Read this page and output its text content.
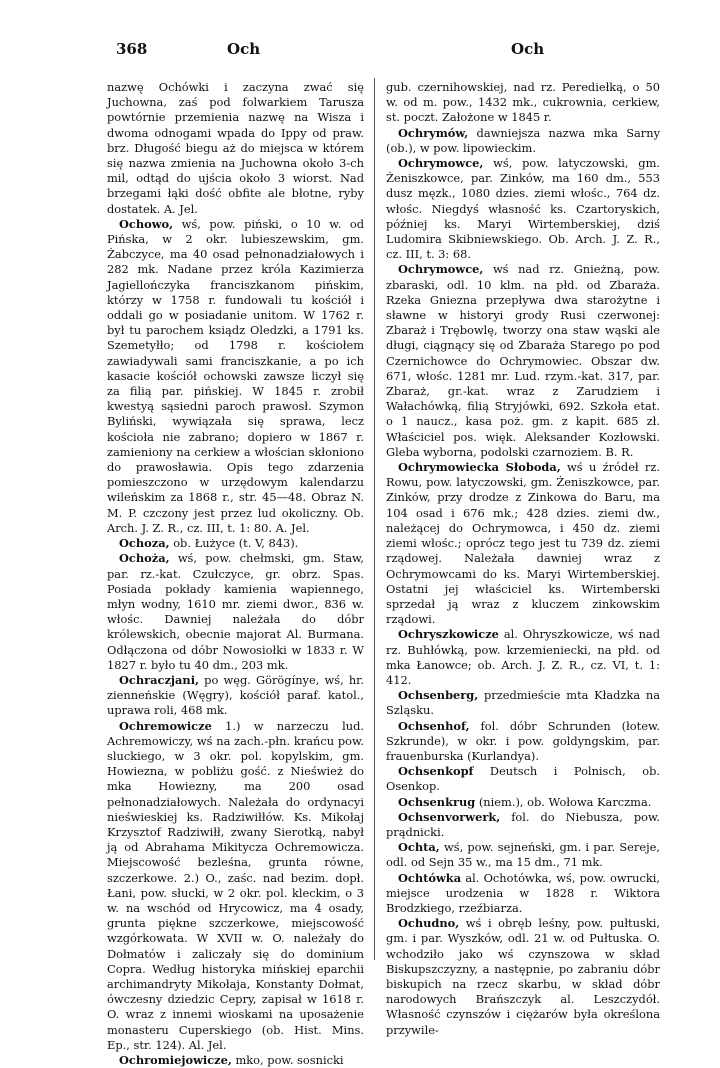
368	Och	Och

nazwę Ochówki i zaczyna zwać się Juchowna, zaś pod folwarkiem Tarusza powtórnie przemienia nazwę na Wisza i dwoma odnogami wpada do Ippy od praw. brz. Długość biegu aż do miejsca w którem się nazwa zmienia na Juchowna około 3-ch mil, odtąd do ujścia około 3 wiorst. Nad brzegami łąki dość obfite ale błotne, ryby dostatek. A. Jel.

Ochowo, wś, pow. piński, o 10 w. od Pińska, w 2 okr. lubieszewskim, gm. Żabczyce, ma 40 osad pełnonadziałowych i 282 mk. Nadane przez króla Kazimierza Jagiellończyka franciszkanom pińskim, którzy w 1758 r. fundowali tu kościół i oddali go w posiadanie unitom. W 1762 r. był tu parochem ksiądz Oledzki, a 1791 ks. Szemetyłło; od 1798 r. kościołem zawiadywali sami franciszkanie, a po ich kasacie kościół ochowski zawsze liczył się za filią par. pińskiej. W 1845 r. zrobił kwestyą sąsiedni paroch prawosł. Szymon Byliński, wywiązała się sprawa, lecz kościoła nie zabrano; dopiero w 1867 r. zamieniony na cerkiew a włościan skłoniono do prawosławia. Opis tego zdarzenia pomieszczono w urzędowym kalendarzu wileńskim za 1868 r., str. 45—48. Obraz N. M. P. czczony jest przez lud okoliczny. Ob. Arch. J. Z. R., cz. III, t. 1: 80. A. Jel.

Ochoza, ob. Łużyce (t. V, 843).

Ochoża, wś, pow. chełmski, gm. Staw, par. rz.-kat. Czułczyce, gr. obrz. Spas. Posiada pokłady kamienia wapiennego, młyn wodny, 1610 mr. ziemi dwor., 836 w. włośc. Dawniej należała do dóbr królewskich, obecnie majorat Al. Burmana. Odłączona od dóbr Nowosiołki w 1833 r. W 1827 r. było tu 40 dm., 203 mk.

Ochraczjani, po węg. Görögínye, wś, hr. zienneńskie (Węgry), kościół paraf. katol., uprawa roli, 468 mk.

Ochremowicze 1.) w narzeczu lud. Achremowiczy, wś na zach.-płn. krańcu pow. sluckiego, w 3 okr. pol. kopylskim, gm. Howiezna, w pobliżu gość. z Nieśwież do mka Howiezny, ma 200 osad pełnonadziałowych. Należała do ordynacyi nieświeskiej ks. Radziwiłłów. Ks. Mikołaj Krzysztof Radziwiłł, zwany Sierotką, nabył ją od Abrahama Mikitycza Ochremowicza. Miejscowość bezleśna, grunta równe, szczerkowe. 2.) O., zaśc. nad bezim. dopł. Łani, pow. słucki, w 2 okr. pol. kleckim, o 3 w. na wschód od Hrycowicz, ma 4 osady, grunta piękne szczerkowe, miejscowość wzgórkowata. W XVII w. O. należały do Dołmatów i zaliczały się do dominium Copra. Według historyka mińskiej eparchii archimandryty Mikołaja, Konstanty Dołmat, ówczesny dziedzic Cepry, zapisał w 1618 r. O. wraz z innemi wioskami na uposażenie monasteru Cuperskiego (ob. Hist. Mins. Ep., str. 124). Al. Jel.

Ochromiejowicze, mko, pow. sosnicki

gub. czernihowskiej, nad rz. Perediełką, o 50 w. od m. pow., 1432 mk., cukrownia, cerkiew, st. poczt. Założone w 1845 r.

Ochrymów, dawniejsza nazwa mka Sarny (ob.), w pow. lipowieckim.

Ochrymowce, wś, pow. latyczowski, gm. Żeniszkowce, par. Zinków, ma 160 dm., 553 dusz męzk., 1080 dzies. ziemi włośc., 764 dz. włośc. Niegdyś własność ks. Czartoryskich, później ks. Maryi Wirtemberskiej, dziś Ludomira Skibniewskiego. Ob. Arch. J. Z. R., cz. III, t. 3: 68.

Ochrymowce, wś nad rz. Gnieżną, pow. zbaraski, odl. 10 klm. na płd. od Zbaraża. Rzeka Gniezna przepływa dwa starożytne i sławne w historyi grody Rusi czerwonej: Zbaraż i Trębowlę, tworzy ona staw wąski ale długi, ciągnący się od Zbaraża Starego po pod Czernichowce do Ochrymowiec. Obszar dw. 671, włośc. 1281 mr. Lud. rzym.-kat. 317, par. Zbaraż, gr.-kat. wraz z Zarudziem i Wałachówką, filią Stryjówki, 692. Szkoła etat. o 1 naucz., kasa poż. gm. z kapit. 685 zł. Właściciel pos. więk. Aleksander Kozłowski. Gleba wyborna, podolski czarnoziem. B. R.

Ochrymowiecka Słoboda, wś u źródeł rz. Rowu, pow. latyczowski, gm. Żeniszkowce, par. Zinków, przy drodze z Zinkowa do Baru, ma 104 osad i 676 mk.; 428 dzies. ziemi dw., należącej do Ochrymowca, i 450 dz. ziemi ziemi włośc.; oprócz tego jest tu 739 dz. ziemi rządowej. Należała dawniej wraz z Ochrymowcami do ks. Maryi Wirtemberskiej. Ostatni jej właściciel ks. Wirtemberski sprzedał ją wraz z kluczem zinkowskim rządowi.

Ochryszkowicze al. Ohryszkowicze, wś nad rz. Buhłówką, pow. krzemieniecki, na płd. od mka Łanowce; ob. Arch. J. Z. R., cz. VI, t. 1: 412.

Ochsenberg, przedmieście mta Kładzka na Szląsku.

Ochsenhof, fol. dóbr Schrunden (łotew. Szkrunde), w okr. i pow. goldyngskim, par. frauenburska (Kurlandya).

Ochsenkopf Deutsch i Polnisch, ob. Osenkop.

Ochsenkrug (niem.), ob. Wołowa Karczma.

Ochsenvorwerk, fol. do Niebusza, pow. prądnicki.

Ochta, wś, pow. sejneński, gm. i par. Sereje, odl. od Sejn 35 w., ma 15 dm., 71 mk.

Ochtówka al. Ochotówka, wś, pow. owrucki, miejsce urodzenia w 1828 r. Wiktora Brodzkiego, rzeźbiarza.

Ochudno, wś i obręb leśny, pow. pułtuski, gm. i par. Wyszków, odl. 21 w. od Pułtuska. O. wchodziło jako wś czynszowa w skład Biskupszczyzny, a następnie, po zabraniu dóbr biskupich na rzecz skarbu, w skład dóbr narodowych Brańszczyk al. Leszczydół. Własność czynszów i ciężarów była określona przywile-
